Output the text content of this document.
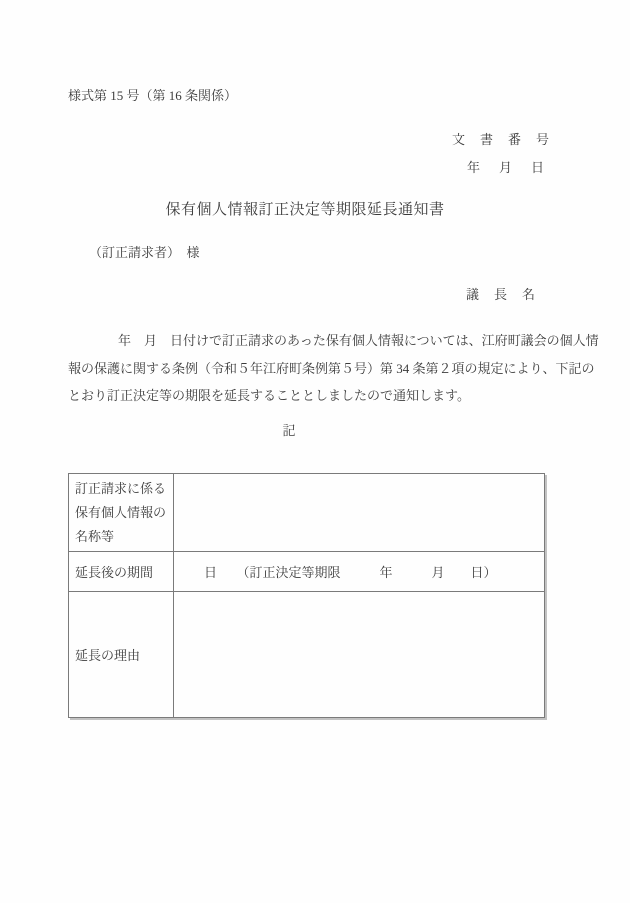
様式第 15 号（第 16 条関係）
文　書　番　号
年　月　日
保有個人情報訂正決定等期限延長通知書
（訂正請求者）　様
議　長　名
年　月　日付けで訂正請求のあった保有個人情報については、江府町議会の個人情
報の保護に関する条例（令和５年江府町条例第５号）第 34 条第２項の規定により、下記の
とおり訂正決定等の期限を延長することとしましたので通知します。
記
訂正請求に係る保有個人情報の名称等	
延長後の期間	日　　（訂正決定等期限　　　年　　　月　　日）
延長の理由	
